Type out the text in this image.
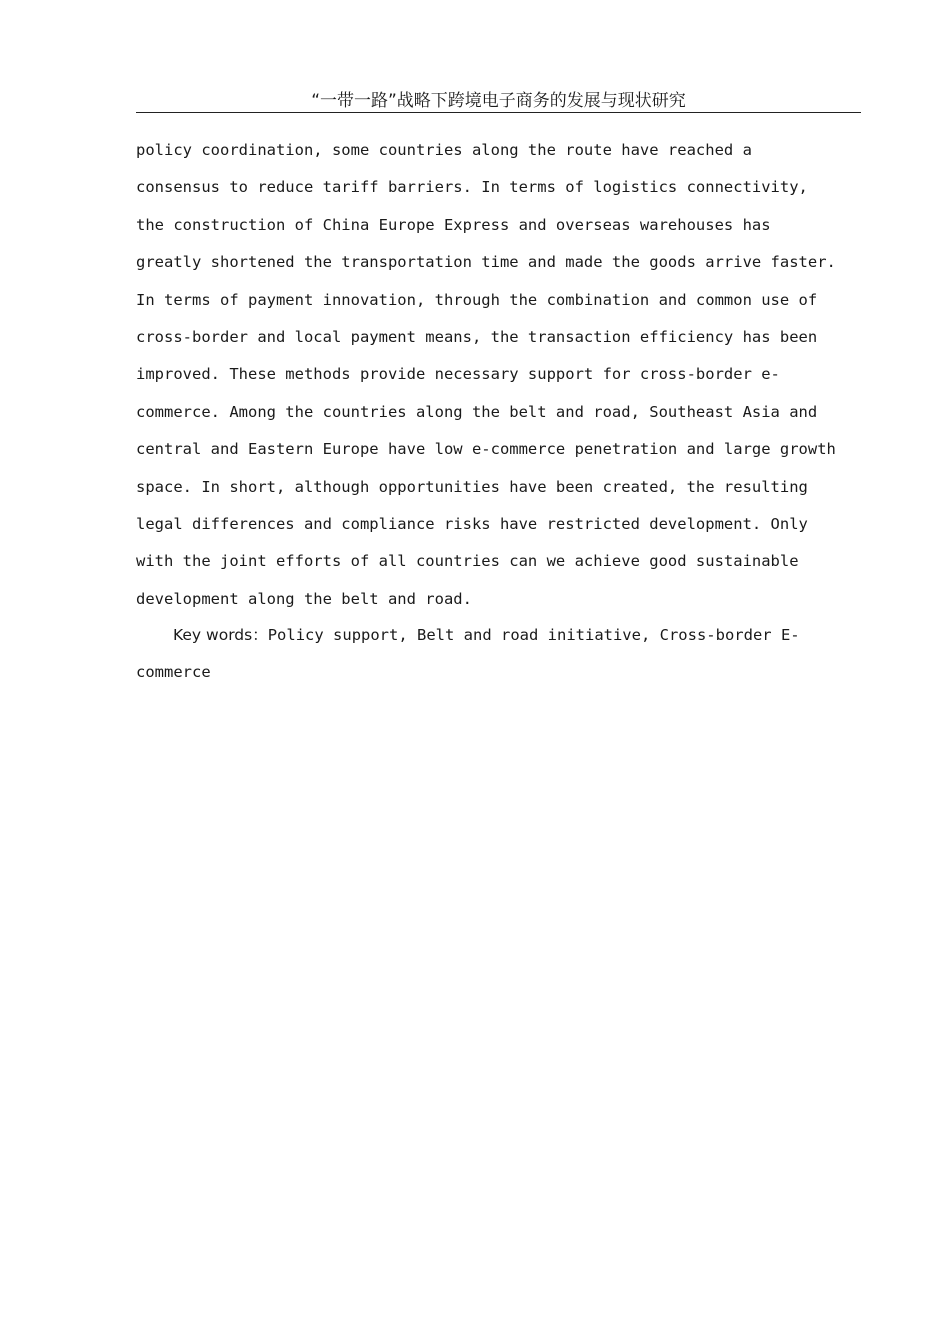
“一带一路”战略下跨境电子商务的发展与现状研究
policy coordination, some countries along the route have reached a
consensus to reduce tariff barriers. In terms of logistics connectivity,
the construction of China Europe Express and overseas warehouses has
greatly shortened the transportation time and made the goods arrive faster.
In terms of payment innovation, through the combination and common use of
cross-border and local payment means, the transaction efficiency has been
improved. These methods provide necessary support for cross-border e-
commerce. Among the countries along the belt and road, Southeast Asia and
central and Eastern Europe have low e-commerce penetration and large growth
space. In short, although opportunities have been created, the resulting
legal differences and compliance risks have restricted development. Only
with the joint efforts of all countries can we achieve good sustainable
development along the belt and road.
Key words：Policy support, Belt and road initiative, Cross-border E-
commerce
